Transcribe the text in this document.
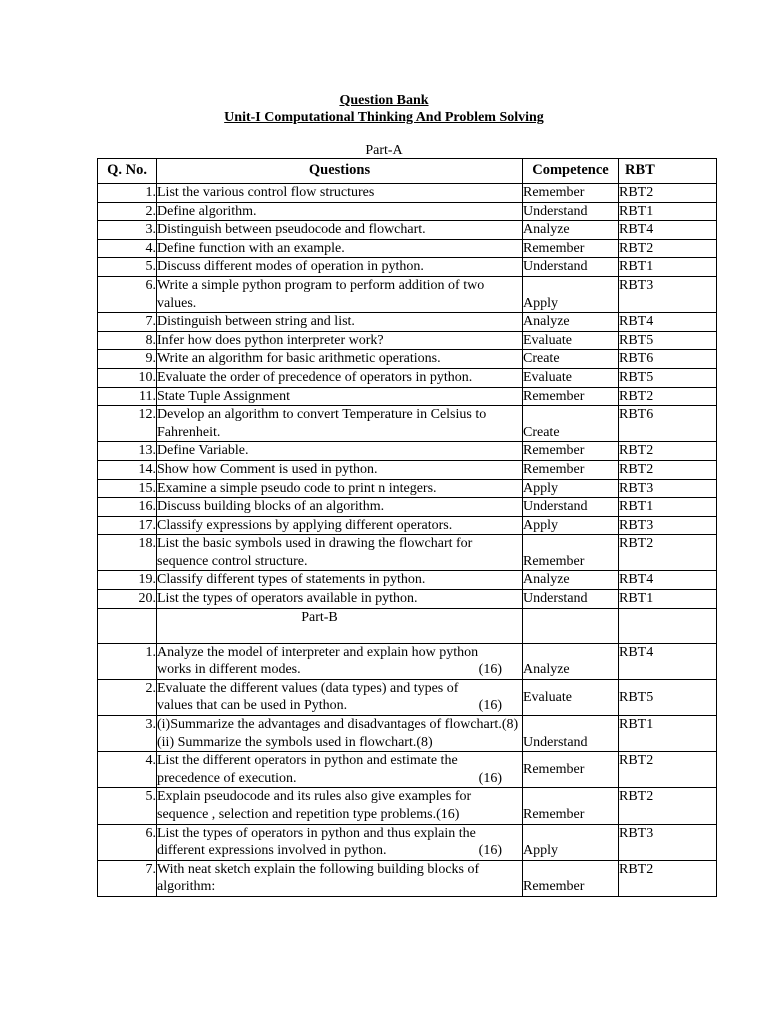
Question Bank
Unit-I Computational Thinking And Problem Solving
Part-A
Q. No.	Questions	Competence	RBT
1.	List the various control flow structures	Remember	RBT2
2.	Define algorithm.	Understand	RBT1
3.	Distinguish between pseudocode and flowchart.	Analyze	RBT4
4.	Define function with an example.	Remember	RBT2
5.	Discuss different modes of operation in python.	Understand	RBT1
6.	Write a simple python program to perform addition of two values.	Apply	RBT3
7.	Distinguish between string and list.	Analyze	RBT4
8.	Infer how does python interpreter work?	Evaluate	RBT5
9.	Write an algorithm for basic arithmetic operations.	Create	RBT6
10.	Evaluate the order of precedence of operators in python.	Evaluate	RBT5
11.	State Tuple Assignment	Remember	RBT2
12.	Develop an algorithm to convert Temperature in Celsius to Fahrenheit.	Create	RBT6
13.	Define Variable.	Remember	RBT2
14.	Show how Comment is used in python.	Remember	RBT2
15.	Examine a simple pseudo code to print n integers.	Apply	RBT3
16.	Discuss building blocks of an algorithm.	Understand	RBT1
17.	Classify expressions by applying different operators.	Apply	RBT3
18.	List the basic symbols used in drawing the flowchart for sequence control structure.	Remember	RBT2
19.	Classify different types of statements in python.	Analyze	RBT4
20.	List the types of operators available in python.	Understand	RBT1

	Part-B		

1.	Analyze the model of interpreter and explain how python
works in different modes. (16)	Analyze	RBT4
2.	Evaluate the different values (data types) and types of
values that can be used in Python. (16)	Evaluate	RBT5
3.	(i)Summarize the advantages and disadvantages of flowchart.(8)
(ii) Summarize the symbols used in flowchart.(8)	Understand	RBT1
4.	List the different operators in python and estimate the
precedence of execution. (16)	Remember	RBT2
5.	Explain pseudocode and its rules also give examples for
sequence , selection and repetition type problems.(16)	Remember	RBT2
6.	List the types of operators in python and thus explain the
different expressions involved in python. (16)	Apply	RBT3
7.	With neat sketch explain the following building blocks of
algorithm:	Remember	RBT2
